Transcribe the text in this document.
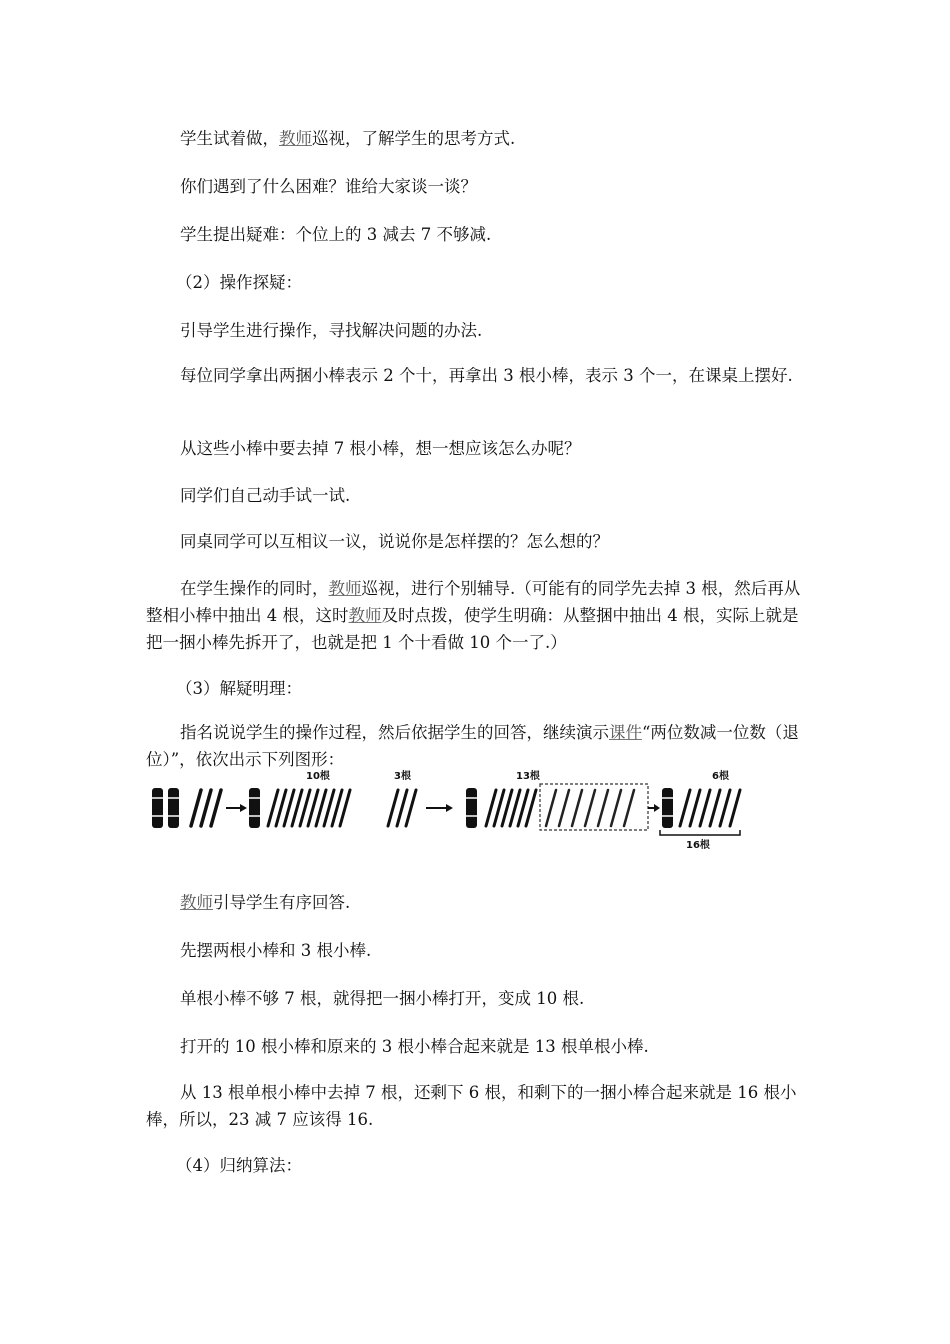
学生试着做，教师巡视，了解学生的思考方式.
你们遇到了什么困难？谁给大家谈一谈？
学生提出疑难：个位上的 3 减去 7 不够减.
（2）操作探疑：
引导学生进行操作，寻找解决问题的办法.
每位同学拿出两捆小棒表示 2 个十，再拿出 3 根小棒，表示 3 个一，在课桌上摆好.
从这些小棒中要去掉 7 根小棒，想一想应该怎么办呢？
同学们自己动手试一试.
同桌同学可以互相议一议，说说你是怎样摆的？怎么想的？
在学生操作的同时，教师巡视，进行个别辅导.（可能有的同学先去掉 3 根，然后再从整相小棒中抽出 4 根，这时教师及时点拨，使学生明确：从整捆中抽出 4 根，实际上就是把一捆小棒先拆开了，也就是把 1 个十看做 10 个一了.）
（3）解疑明理：
指名说说学生的操作过程，然后依据学生的回答，继续演示课件“两位数减一位数（退位）”，依次出示下列图形：
10根	3根	13根	6根
16根
教师引导学生有序回答.
先摆两根小棒和 3 根小棒.
单根小棒不够 7 根，就得把一捆小棒打开，变成 10 根.
打开的 10 根小棒和原来的 3 根小棒合起来就是 13 根单根小棒.
从 13 根单根小棒中去掉 7 根，还剩下 6 根，和剩下的一捆小棒合起来就是 16 根小棒，所以，23 减 7 应该得 16.
（4）归纳算法：
